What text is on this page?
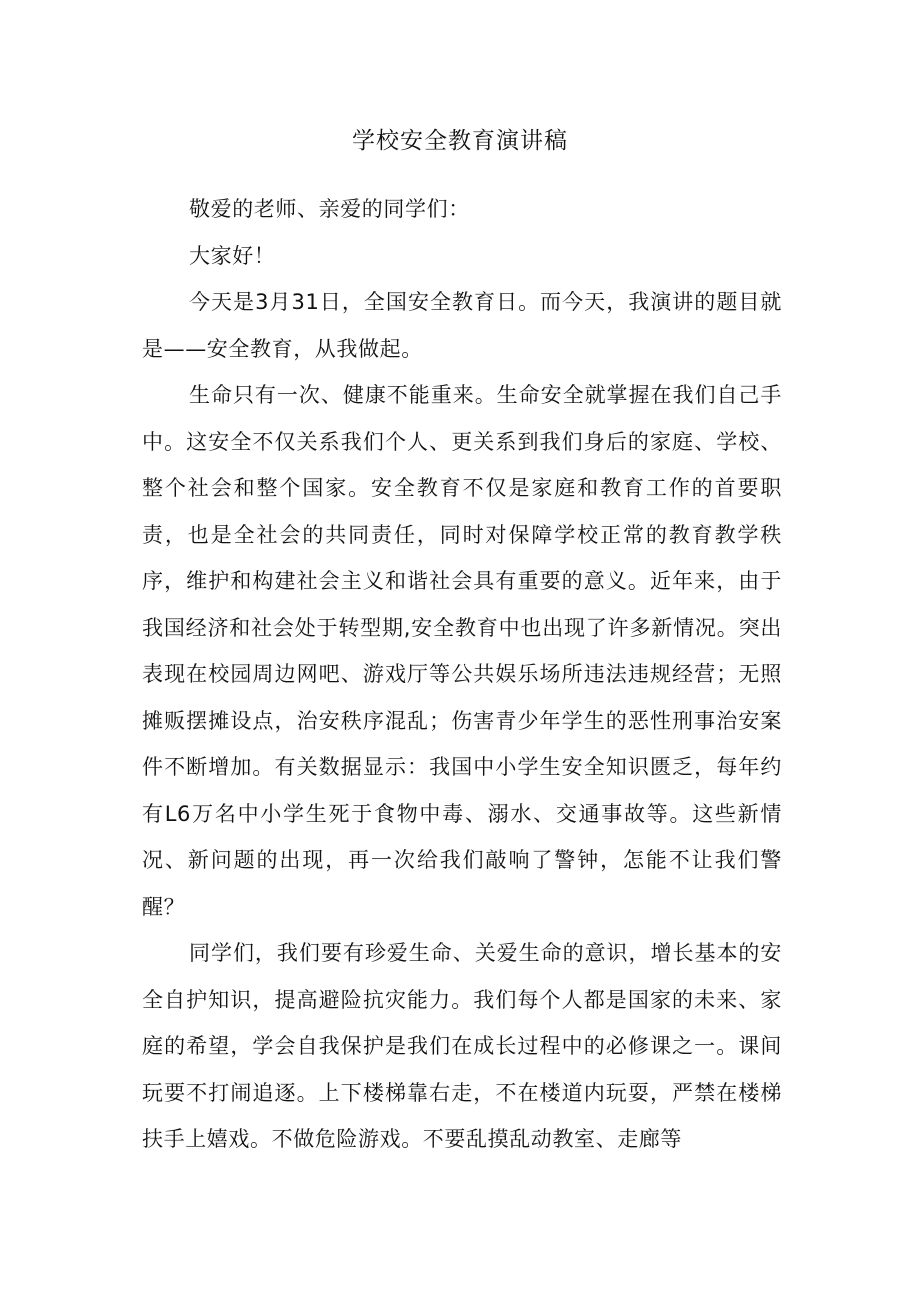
学校安全教育演讲稿

敬爱的老师、亲爱的同学们：

大家好！

今天是3月31日，全国安全教育日。而今天，我演讲的题目就是——安全教育，从我做起。

生命只有一次、健康不能重来。生命安全就掌握在我们自己手中。这安全不仅关系我们个人、更关系到我们身后的家庭、学校、整个社会和整个国家。安全教育不仅是家庭和教育工作的首要职责，也是全社会的共同责任，同时对保障学校正常的教育教学秩序，维护和构建社会主义和谐社会具有重要的意义。近年来，由于我国经济和社会处于转型期,安全教育中也出现了许多新情况。突出表现在校园周边网吧、游戏厅等公共娱乐场所违法违规经营；无照摊贩摆摊设点，治安秩序混乱；伤害青少年学生的恶性刑事治安案件不断增加。有关数据显示：我国中小学生安全知识匮乏，每年约有L6万名中小学生死于食物中毒、溺水、交通事故等。这些新情况、新问题的出现，再一次给我们敲响了警钟，怎能不让我们警醒？

同学们，我们要有珍爱生命、关爱生命的意识，增长基本的安全自护知识，提高避险抗灾能力。我们每个人都是国家的未来、家庭的希望，学会自我保护是我们在成长过程中的必修课之一。课间玩要不打闹追逐。上下楼梯靠右走，不在楼道内玩耍，严禁在楼梯扶手上嬉戏。不做危险游戏。不要乱摸乱动教室、走廊等
